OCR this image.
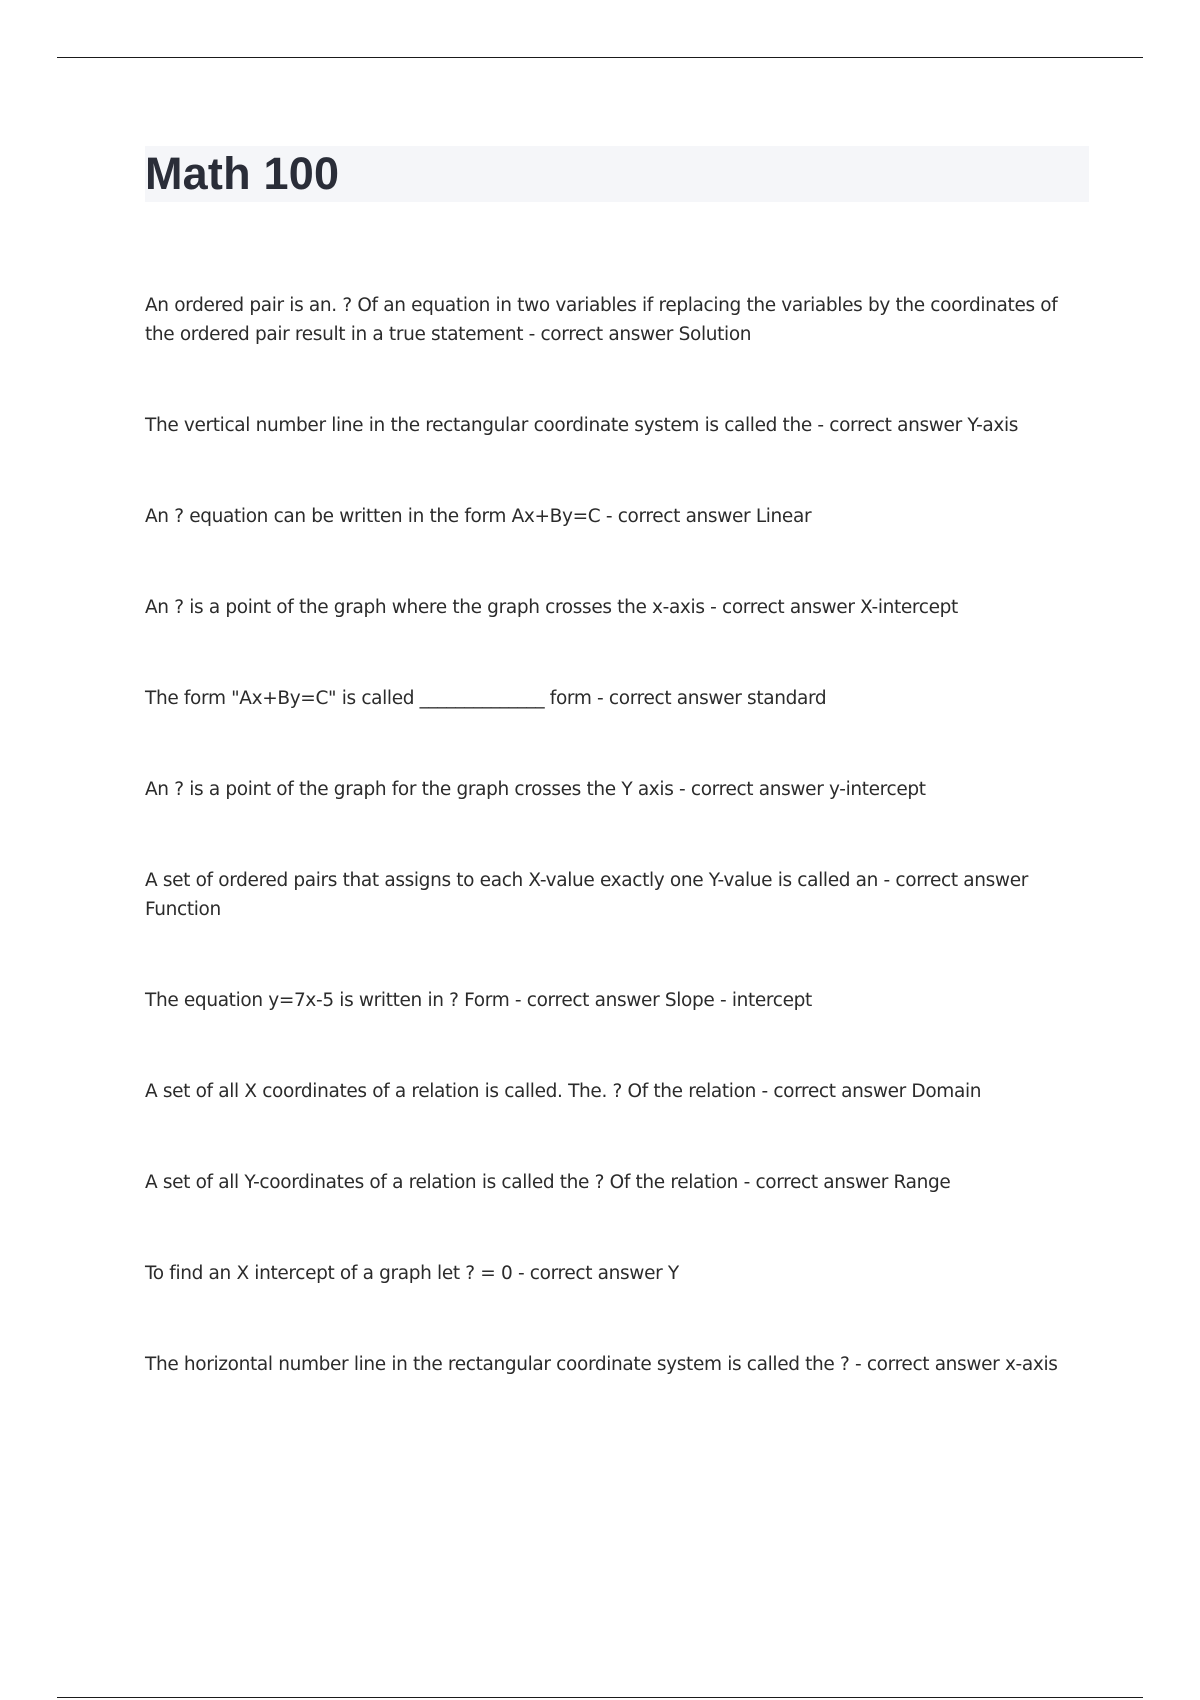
Math 100

An ordered pair is an. ? Of an equation in two variables if replacing the variables by the coordinates of the ordered pair result in a true statement - correct answer Solution

The vertical number line in the rectangular coordinate system is called the - correct answer Y-axis

An ? equation can be written in the form Ax+By=C - correct answer Linear

An ? is a point of the graph where the graph crosses the x-axis - correct answer X-intercept

The form "Ax+By=C" is called ______________ form - correct answer standard

An ? is a point of the graph for the graph crosses the Y axis - correct answer y-intercept

A set of ordered pairs that assigns to each X-value exactly one Y-value is called an - correct answer Function

The equation y=7x-5 is written in ? Form - correct answer Slope - intercept

A set of all X coordinates of a relation is called. The. ? Of the relation - correct answer Domain

A set of all Y-coordinates of a relation is called the ? Of the relation - correct answer Range

To find an X intercept of a graph let ? = 0 - correct answer Y

The horizontal number line in the rectangular coordinate system is called the ? - correct answer x-axis
